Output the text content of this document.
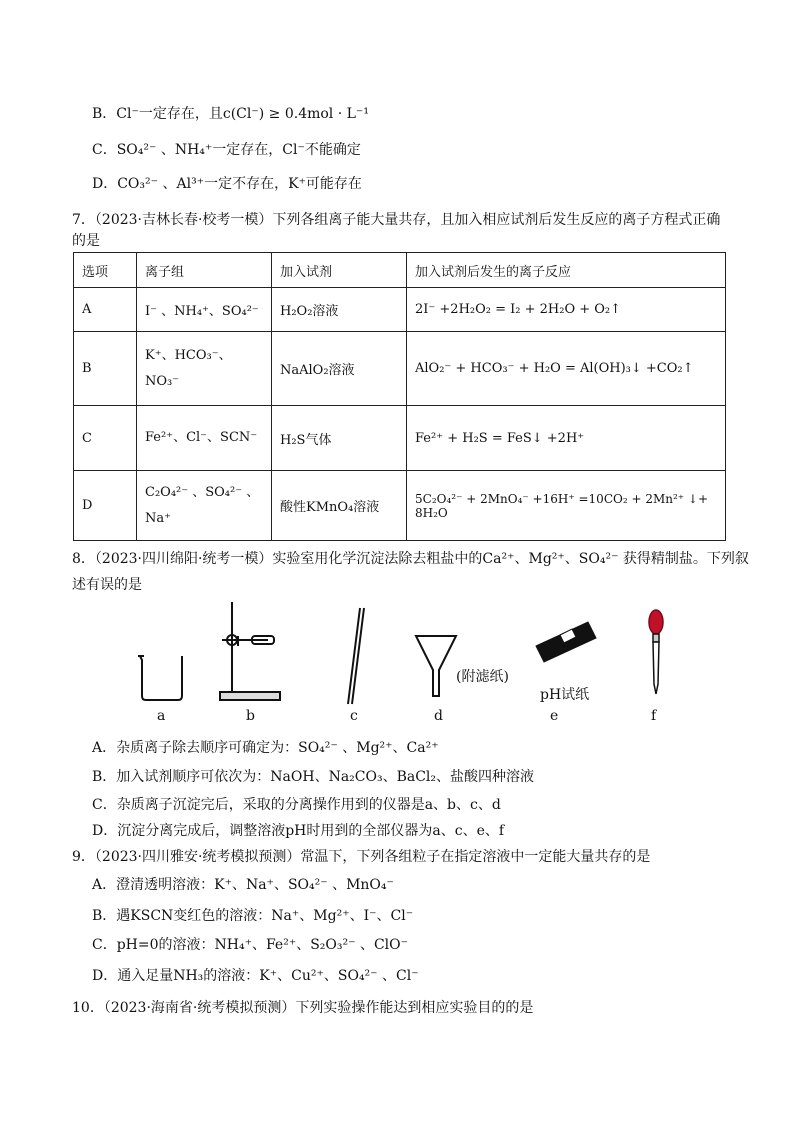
B．Cl⁻一定存在，且c(Cl⁻) ≥ 0.4mol · L⁻¹
C．SO₄²⁻ 、NH₄⁺一定存在，Cl⁻不能确定
D．CO₃²⁻ 、Al³⁺一定不存在，K⁺可能存在
7．（2023·吉林长春·校考一模）下列各组离子能大量共存，且加入相应试剂后发生反应的离子方程式正确
的是
选项	离子组	加入试剂	加入试剂后发生的离子反应
A	I⁻ 、NH₄⁺、SO₄²⁻	H₂O₂溶液	2I⁻ +2H₂O₂ = I₂ + 2H₂O + O₂↑
B	K⁺、HCO₃⁻、NO₃⁻	NaAlO₂溶液	AlO₂⁻ + HCO₃⁻ + H₂O = Al(OH)₃↓ +CO₂↑
C	Fe²⁺、Cl⁻、SCN⁻	H₂S气体	Fe²⁺ + H₂S = FeS↓ +2H⁺
D	C₂O₄²⁻ 、SO₄²⁻ 、Na⁺	酸性KMnO₄溶液	5C₂O₄²⁻ + 2MnO₄⁻ +16H⁺ =10CO₂ + 2Mn²⁺ ↓+ 8H₂O
8．（2023·四川绵阳·统考一模）实验室用化学沉淀法除去粗盐中的Ca²⁺、Mg²⁺、SO₄²⁻ 获得精制盐。下列叙
述有误的是
(附滤纸)
pH试纸
a	b	c	d	e	f
A．杂质离子除去顺序可确定为：SO₄²⁻ 、Mg²⁺、Ca²⁺
B．加入试剂顺序可依次为：NaOH、Na₂CO₃、BaCl₂、盐酸四种溶液
C．杂质离子沉淀完后，采取的分离操作用到的仪器是a、b、c、d
D．沉淀分离完成后，调整溶液pH时用到的全部仪器为a、c、e、f
9．（2023·四川雅安·统考模拟预测）常温下，下列各组粒子在指定溶液中一定能大量共存的是
A．澄清透明溶液：K⁺、Na⁺、SO₄²⁻ 、MnO₄⁻
B．遇KSCN变红色的溶液：Na⁺、Mg²⁺、I⁻、Cl⁻
C．pH=0的溶液：NH₄⁺、Fe²⁺、S₂O₃²⁻ 、ClO⁻
D．通入足量NH₃的溶液：K⁺、Cu²⁺、SO₄²⁻ 、Cl⁻
10．（2023·海南省·统考模拟预测）下列实验操作能达到相应实验目的的是
